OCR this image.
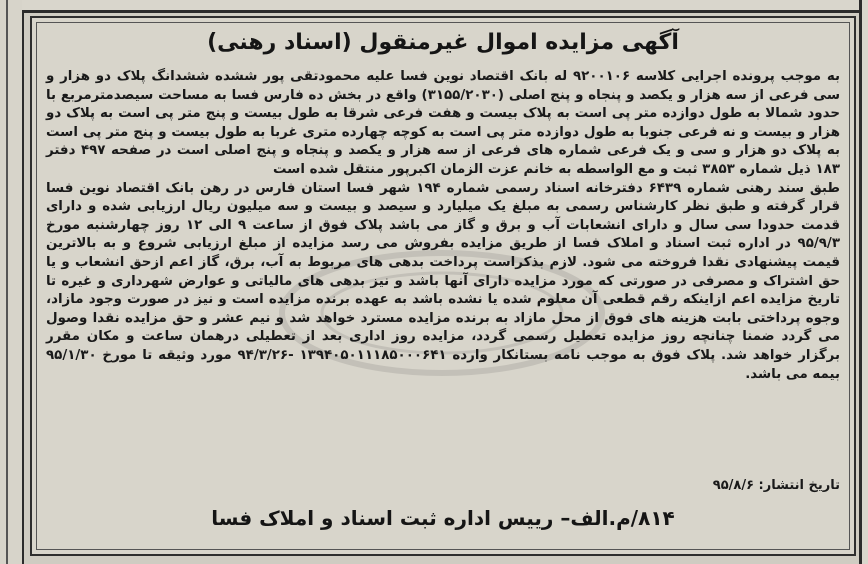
آگهی مزایده اموال غیرمنقول (اسناد رهنی)

به موجب پرونده اجرایی کلاسه ۹۲۰۰۱۰۶ له بانک اقتصاد نوین فسا علیه محمودتقی پور ششده ششدانگ پلاک دو هزار و سی فرعی از سه هزار و یکصد و پنجاه و پنج اصلی (۳۱۵۵/۲۰۳۰) واقع در بخش ده فارس فسا به مساحت سیصدمترمربع با حدود شمالا به طول دوازده متر پی است به پلاک بیست و هفت فرعی شرقا به طول بیست و پنج متر پی است به پلاک دو هزار و بیست و نه فرعی جنوبا به طول دوازده متر پی است به کوچه چهارده متری غربا به طول بیست و پنج متر پی است به پلاک دو هزار و سی و یک فرعی شماره های فرعی از سه هزار و یکصد و پنجاه و پنج اصلی است در صفحه ۴۹۷ دفتر ۱۸۳ ذیل شماره ۳۸۵۳ ثبت و مع الواسطه به خانم عزت الزمان اکبرپور منتقل شده است

طبق سند رهنی شماره ۶۴۳۹ دفترخانه اسناد رسمی شماره ۱۹۴ شهر فسا استان فارس در رهن بانک اقتصاد نوین فسا قرار گرفته و طبق نظر کارشناس رسمی به مبلغ یک میلیارد و سیصد و بیست و سه میلیون ریال ارزیابی شده و دارای قدمت حدودا سی سال و دارای انشعابات آب و برق و گاز می باشد پلاک فوق از ساعت ۹ الی ۱۲ روز چهارشنبه مورخ ۹۵/۹/۳ در اداره ثبت اسناد و املاک فسا از طریق مزایده بفروش می رسد مزایده از مبلغ ارزیابی شروع و به بالاترین قیمت پیشنهادی نقدا فروخته می شود. لازم بذکراست پرداخت بدهی های مربوط به آب، برق، گاز اعم ازحق انشعاب و یا حق اشتراک و مصرفی در صورتی که مورد مزایده دارای آنها باشد و نیز بدهی های مالیاتی و عوارض شهرداری و غیره تا تاریخ مزایده اعم ازاینکه رقم قطعی آن معلوم شده یا نشده باشد به عهده برنده مزایده است و نیز در صورت وجود مازاد، وجوه پرداختی بابت هزینه های فوق از محل مازاد به برنده مزایده مسترد خواهد شد و نیم عشر و حق مزایده نقدا وصول می گردد ضمنا چنانچه روز مزایده تعطیل رسمی گردد، مزایده روز اداری بعد از تعطیلی درهمان ساعت و مکان مقرر برگزار خواهد شد. پلاک فوق به موجب نامه بستانکار وارده ۱۳۹۴۰۵۰۱۱۱۸۵۰۰۰۶۴۱ -۹۴/۳/۲۶ مورد وثیقه تا مورخ ۹۵/۱/۳۰ بیمه می باشد.

تاریخ انتشار: ۹۵/۸/۶
۸۱۴/م.الف– رییس اداره ثبت اسناد و املاک فسا
